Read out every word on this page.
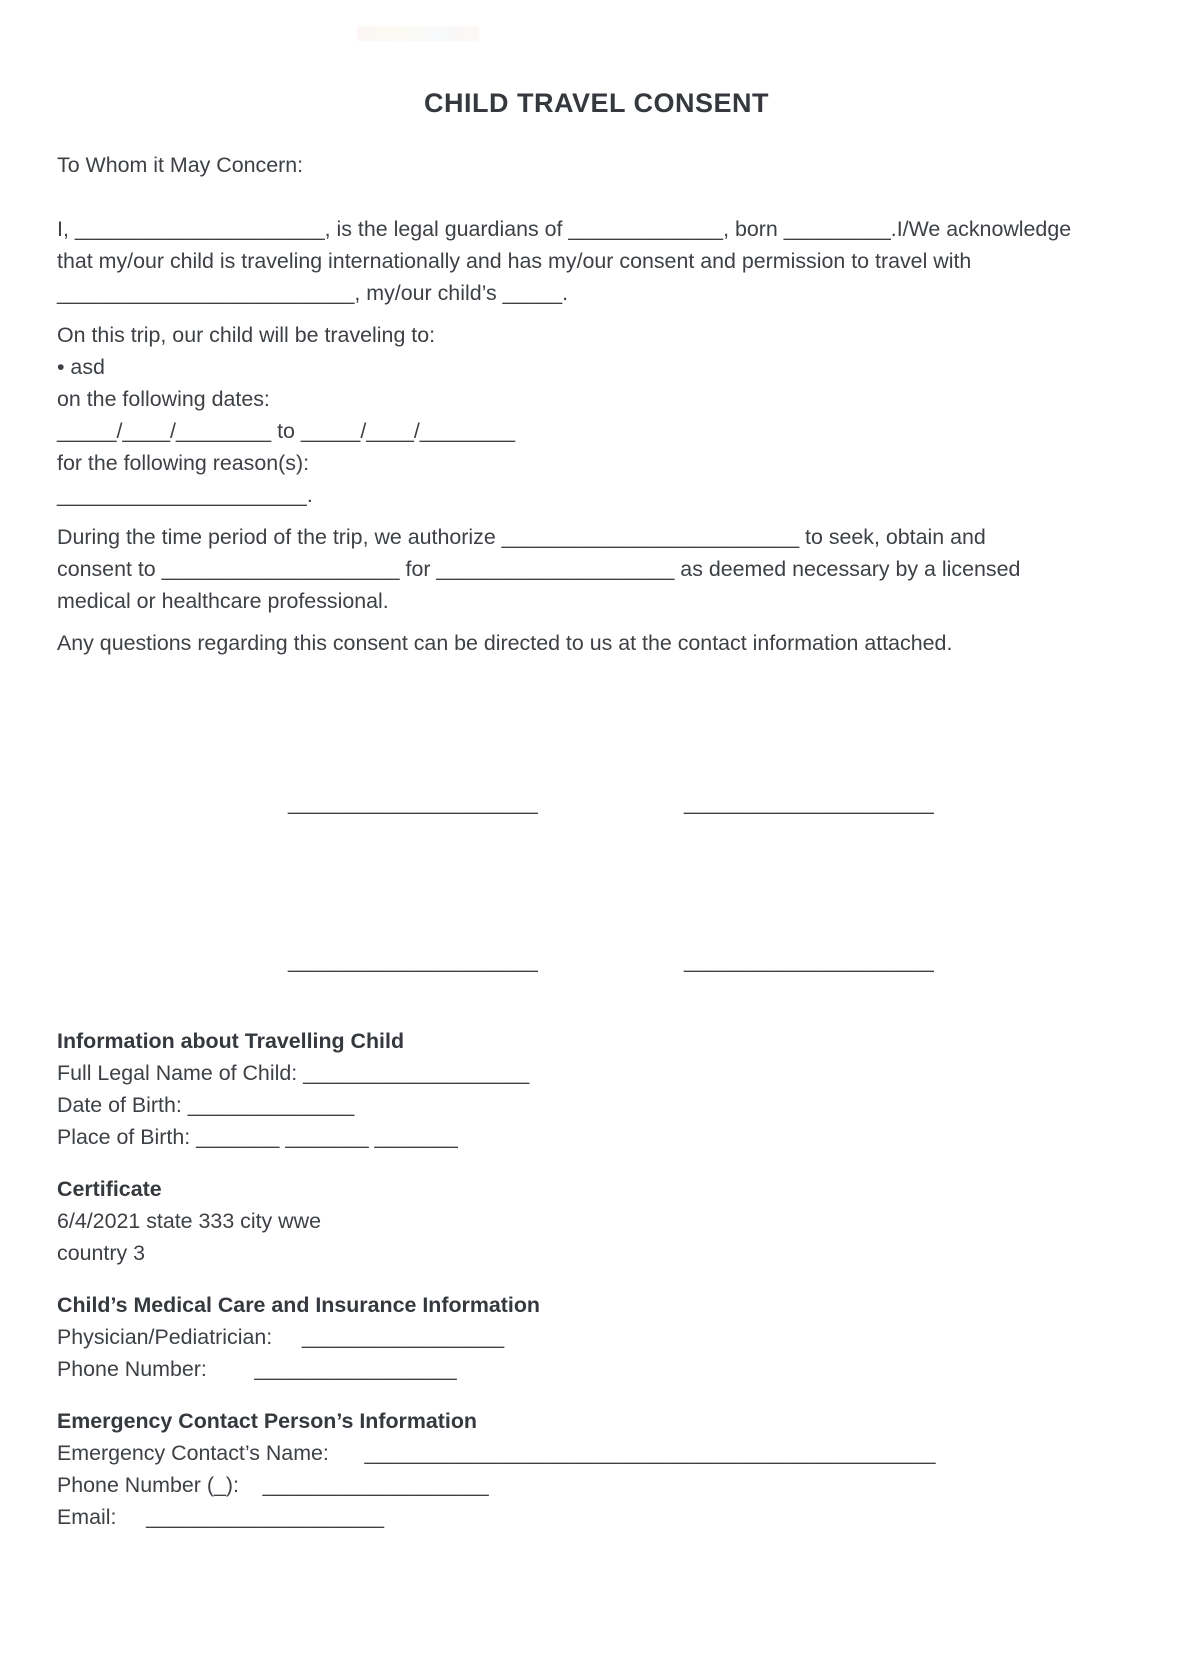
CHILD TRAVEL CONSENT
To Whom it May Concern:
I, _____________________, is the legal guardians of _____________, born _________.I/We acknowledge
that my/our child is traveling internationally and has my/our consent and permission to travel with
_________________________, my/our child’s _____.
On this trip, our child will be traveling to:
• asd
on the following dates:
_____/____/________ to _____/____/________
for the following reason(s):
_____________________.
During the time period of the trip, we authorize _________________________ to seek, obtain and
consent to ____________________ for ____________________ as deemed necessary by a licensed
medical or healthcare professional.
Any questions regarding this consent can be directed to us at the contact information attached.
_____________________	_____________________
_____________________	_____________________
Information about Travelling Child
Full Legal Name of Child: ___________________
Date of Birth: ______________
Place of Birth: _______ _______ _______
Certificate
6/4/2021 state 333 city wwe
country 3
Child’s Medical Care and Insurance Information
Physician/Pediatrician:     _________________
Phone Number:        _________________
Emergency Contact Person’s Information
Emergency Contact’s Name:      ________________________________________________
Phone Number (_):    ___________________
Email:     ____________________
